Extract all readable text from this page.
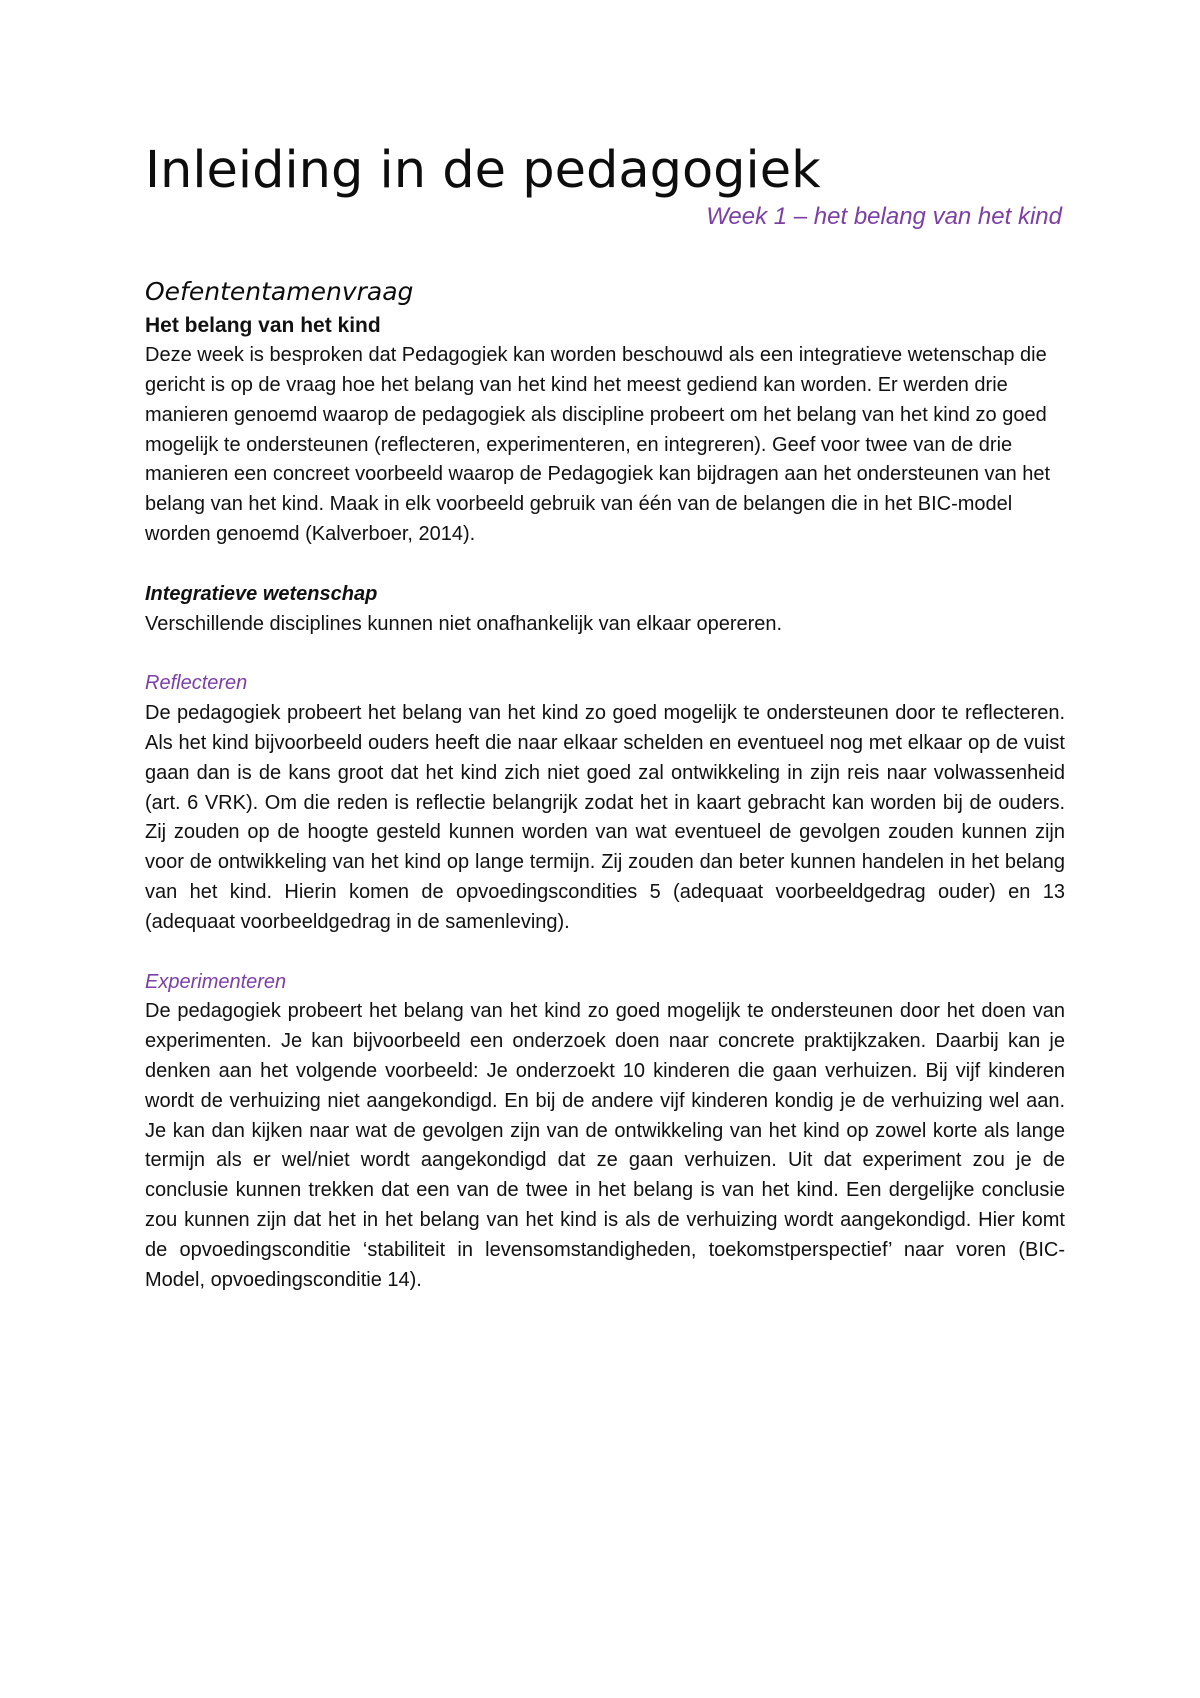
Inleiding in de pedagogiek
Week 1 – het belang van het kind
Oefententamenvraag
Het belang van het kind

Deze week is besproken dat Pedagogiek kan worden beschouwd als een integratieve wetenschap die gericht is op de vraag hoe het belang van het kind het meest gediend kan worden. Er werden drie manieren genoemd waarop de pedagogiek als discipline probeert om het belang van het kind zo goed mogelijk te ondersteunen (reflecteren, experimenteren, en integreren). Geef voor twee van de drie manieren een concreet voorbeeld waarop de Pedagogiek kan bijdragen aan het ondersteunen van het belang van het kind. Maak in elk voorbeeld gebruik van één van de belangen die in het BIC-model worden genoemd (Kalverboer, 2014).

Integratieve wetenschap

Verschillende disciplines kunnen niet onafhankelijk van elkaar opereren.

Reflecteren

De pedagogiek probeert het belang van het kind zo goed mogelijk te ondersteunen door te reflecteren. Als het kind bijvoorbeeld ouders heeft die naar elkaar schelden en eventueel nog met elkaar op de vuist gaan dan is de kans groot dat het kind zich niet goed zal ontwikkeling in zijn reis naar volwassenheid (art. 6 VRK). Om die reden is reflectie belangrijk zodat het in kaart gebracht kan worden bij de ouders. Zij zouden op de hoogte gesteld kunnen worden van wat eventueel de gevolgen zouden kunnen zijn voor de ontwikkeling van het kind op lange termijn. Zij zouden dan beter kunnen handelen in het belang van het kind. Hierin komen de opvoedingscondities 5 (adequaat voorbeeldgedrag ouder) en 13 (adequaat voorbeeldgedrag in de samenleving).

Experimenteren

De pedagogiek probeert het belang van het kind zo goed mogelijk te ondersteunen door het doen van experimenten. Je kan bijvoorbeeld een onderzoek doen naar concrete praktijkzaken. Daarbij kan je denken aan het volgende voorbeeld: Je onderzoekt 10 kinderen die gaan verhuizen. Bij vijf kinderen wordt de verhuizing niet aangekondigd. En bij de andere vijf kinderen kondig je de verhuizing wel aan. Je kan dan kijken naar wat de gevolgen zijn van de ontwikkeling van het kind op zowel korte als lange termijn als er wel/niet wordt aangekondigd dat ze gaan verhuizen. Uit dat experiment zou je de conclusie kunnen trekken dat een van de twee in het belang is van het kind. Een dergelijke conclusie zou kunnen zijn dat het in het belang van het kind is als de verhuizing wordt aangekondigd. Hier komt de opvoedingsconditie ‘stabiliteit in levensomstandigheden, toekomstperspectief’ naar voren (BIC-Model, opvoedingsconditie 14).
